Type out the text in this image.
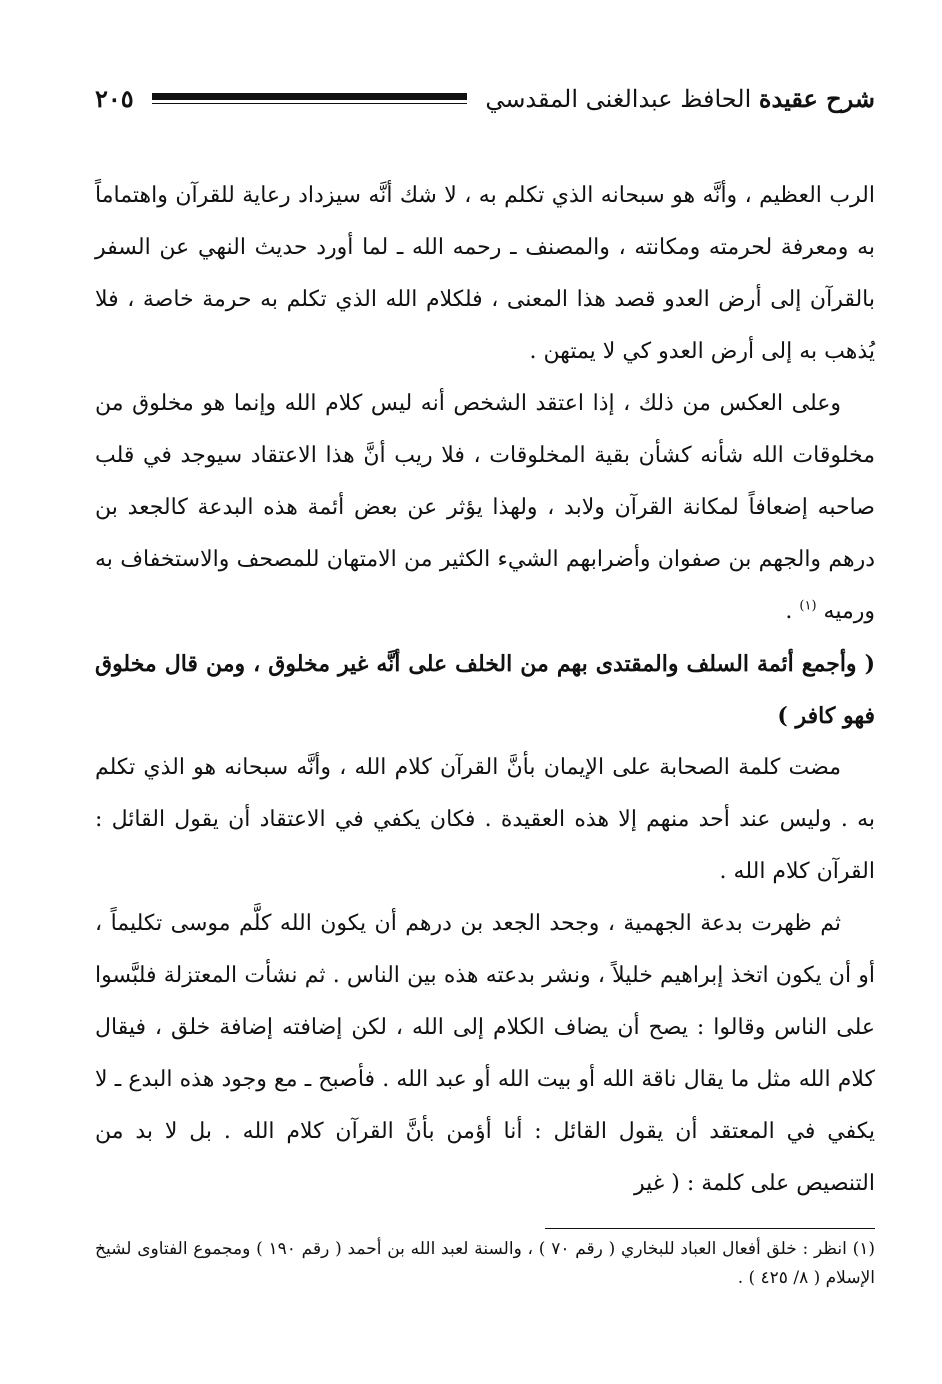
شرح عقيدة الحافظ عبدالغنى المقدسي
٢٠٥

الرب العظيم ، وأنَّه هو سبحانه الذي تكلم به ، لا شك أنَّه سيزداد رعاية للقرآن واهتماماً به ومعرفة لحرمته ومكانته ، والمصنف ـ رحمه الله ـ لما أورد حديث النهي عن السفر بالقرآن إلى أرض العدو قصد هذا المعنى ، فلكلام الله الذي تكلم به حرمة خاصة ، فلا يُذهب به إلى أرض العدو كي لا يمتهن .

وعلى العكس من ذلك ، إذا اعتقد الشخص أنه ليس كلام الله وإنما هو مخلوق من مخلوقات الله شأنه كشأن بقية المخلوقات ، فلا ريب أنَّ هذا الاعتقاد سيوجد في قلب صاحبه إضعافاً لمكانة القرآن ولابد ، ولهذا يؤثر عن بعض أئمة هذه البدعة كالجعد بن درهم والجهم بن صفوان وأضرابهم الشيء الكثير من الامتهان للمصحف والاستخفاف به ورميه $^{(١)}$ .

( وأجمع أئمة السلف والمقتدى بهم من الخلف على أنَّه غير مخلوق ، ومن قال مخلوق فهو كافر )

مضت كلمة الصحابة على الإيمان بأنَّ القرآن كلام الله ، وأنَّه سبحانه هو الذي تكلم به . وليس عند أحد منهم إلا هذه العقيدة . فكان يكفي في الاعتقاد أن يقول القائل : القرآن كلام الله .

ثم ظهرت بدعة الجهمية ، وجحد الجعد بن درهم أن يكون الله كلَّم موسى تكليماً ، أو أن يكون اتخذ إبراهيم خليلاً ، ونشر بدعته هذه بين الناس . ثم نشأت المعتزلة فلبَّسوا على الناس وقالوا : يصح أن يضاف الكلام إلى الله ، لكن إضافته إضافة خلق ، فيقال كلام الله مثل ما يقال ناقة الله أو بيت الله أو عبد الله . فأصبح ـ مع وجود هذه البدع ـ لا يكفي في المعتقد أن يقول القائل : أنا أؤمن بأنَّ القرآن كلام الله . بل لا بد من التنصيص على كلمة : ( غير

(١) انظر : خلق أفعال العباد للبخاري ( رقم ٧٠ ) ، والسنة لعبد الله بن أحمد ( رقم ١٩٠ ) ومجموع الفتاوى لشيخ الإسلام ( ٨/ ٤٢٥ ) .
